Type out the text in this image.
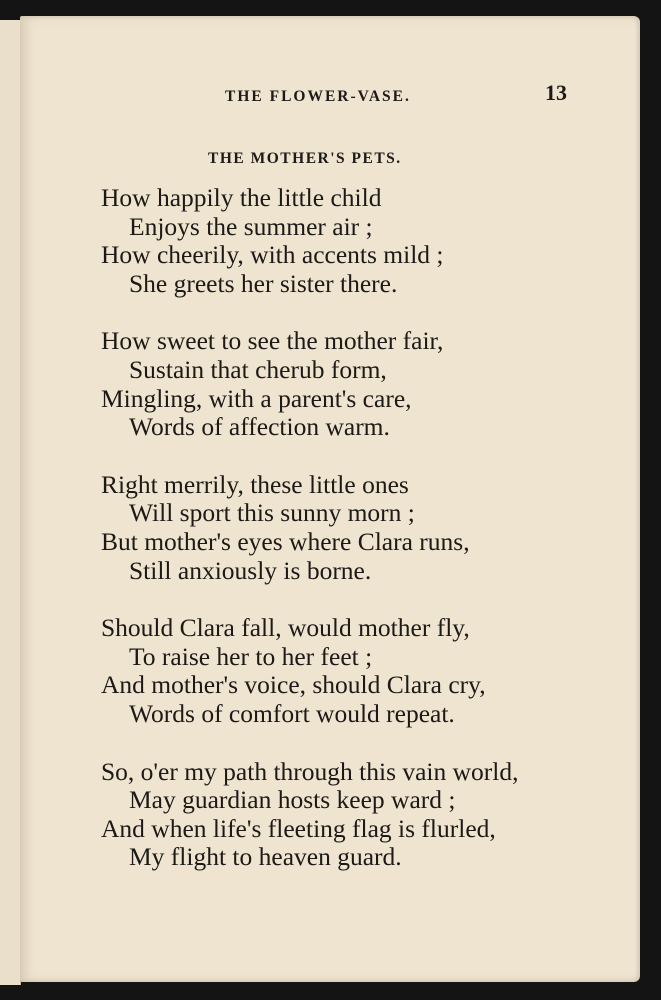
THE FLOWER-VASE.	13
THE MOTHER'S PETS.
How happily the little child
Enjoys the summer air ;
How cheerily, with accents mild ;
She greets her sister there.
How sweet to see the mother fair,
Sustain that cherub form,
Mingling, with a parent's care,
Words of affection warm.
Right merrily, these little ones
Will sport this sunny morn ;
But mother's eyes where Clara runs,
Still anxiously is borne.
Should Clara fall, would mother fly,
To raise her to her feet ;
And mother's voice, should Clara cry,
Words of comfort would repeat.
So, o'er my path through this vain world,
May guardian hosts keep ward ;
And when life's fleeting flag is flurled,
My flight to heaven guard.
